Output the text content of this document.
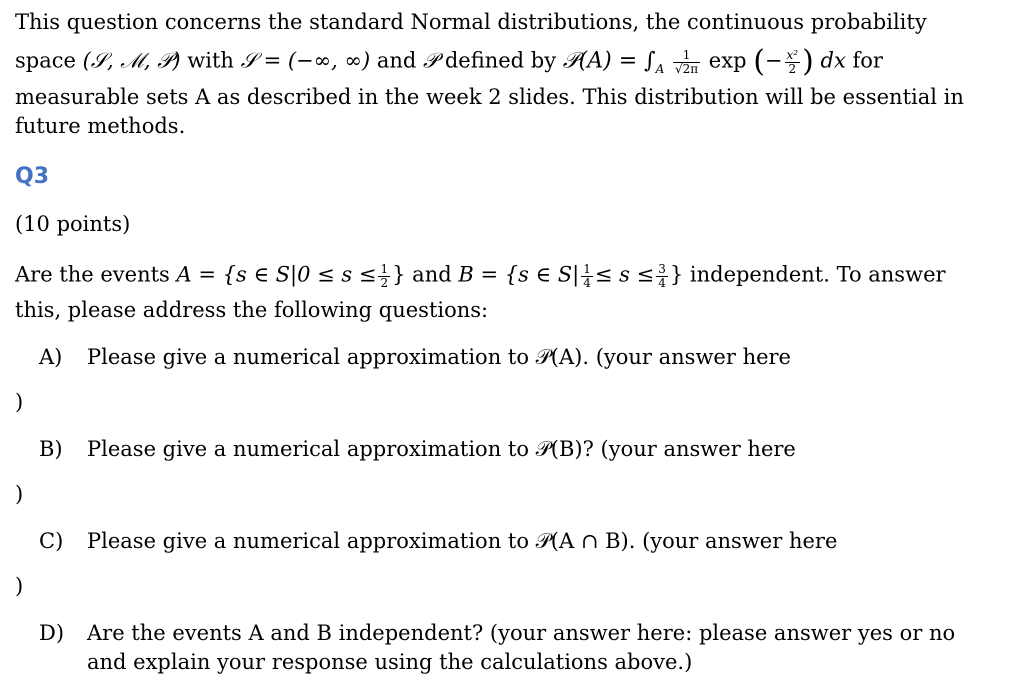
This question concerns the standard Normal distributions, the continuous probability
space (𝒮, ℳ, 𝒫) with 𝒮 = (−∞, ∞) and 𝒫 defined by 𝒫(A) = $\int_A \frac{1}{√2\pi}$ exp (− $\frac{\text{x²}}{2}$ ) dx for
measurable sets A as described in the week 2 slides. This distribution will be essential in
future methods.
Q3
(10 points)
Are the events A = {s ∈ $S|0 \le s \le \frac{1}{2}$ } and B = {s ∈ $S| \frac{1}{4} \le s \le \frac{3}{4}$ } independent. To answer
this, please address the following questions:
A) Please give a numerical approximation to 𝒫(A). (your answer here
)
B) Please give a numerical approximation to 𝒫(B)? (your answer here
)
C) Please give a numerical approximation to 𝒫(A ∩ B). (your answer here
)
D) Are the events A and B independent? (your answer here: please answer yes or no
and explain your response using the calculations above.)
